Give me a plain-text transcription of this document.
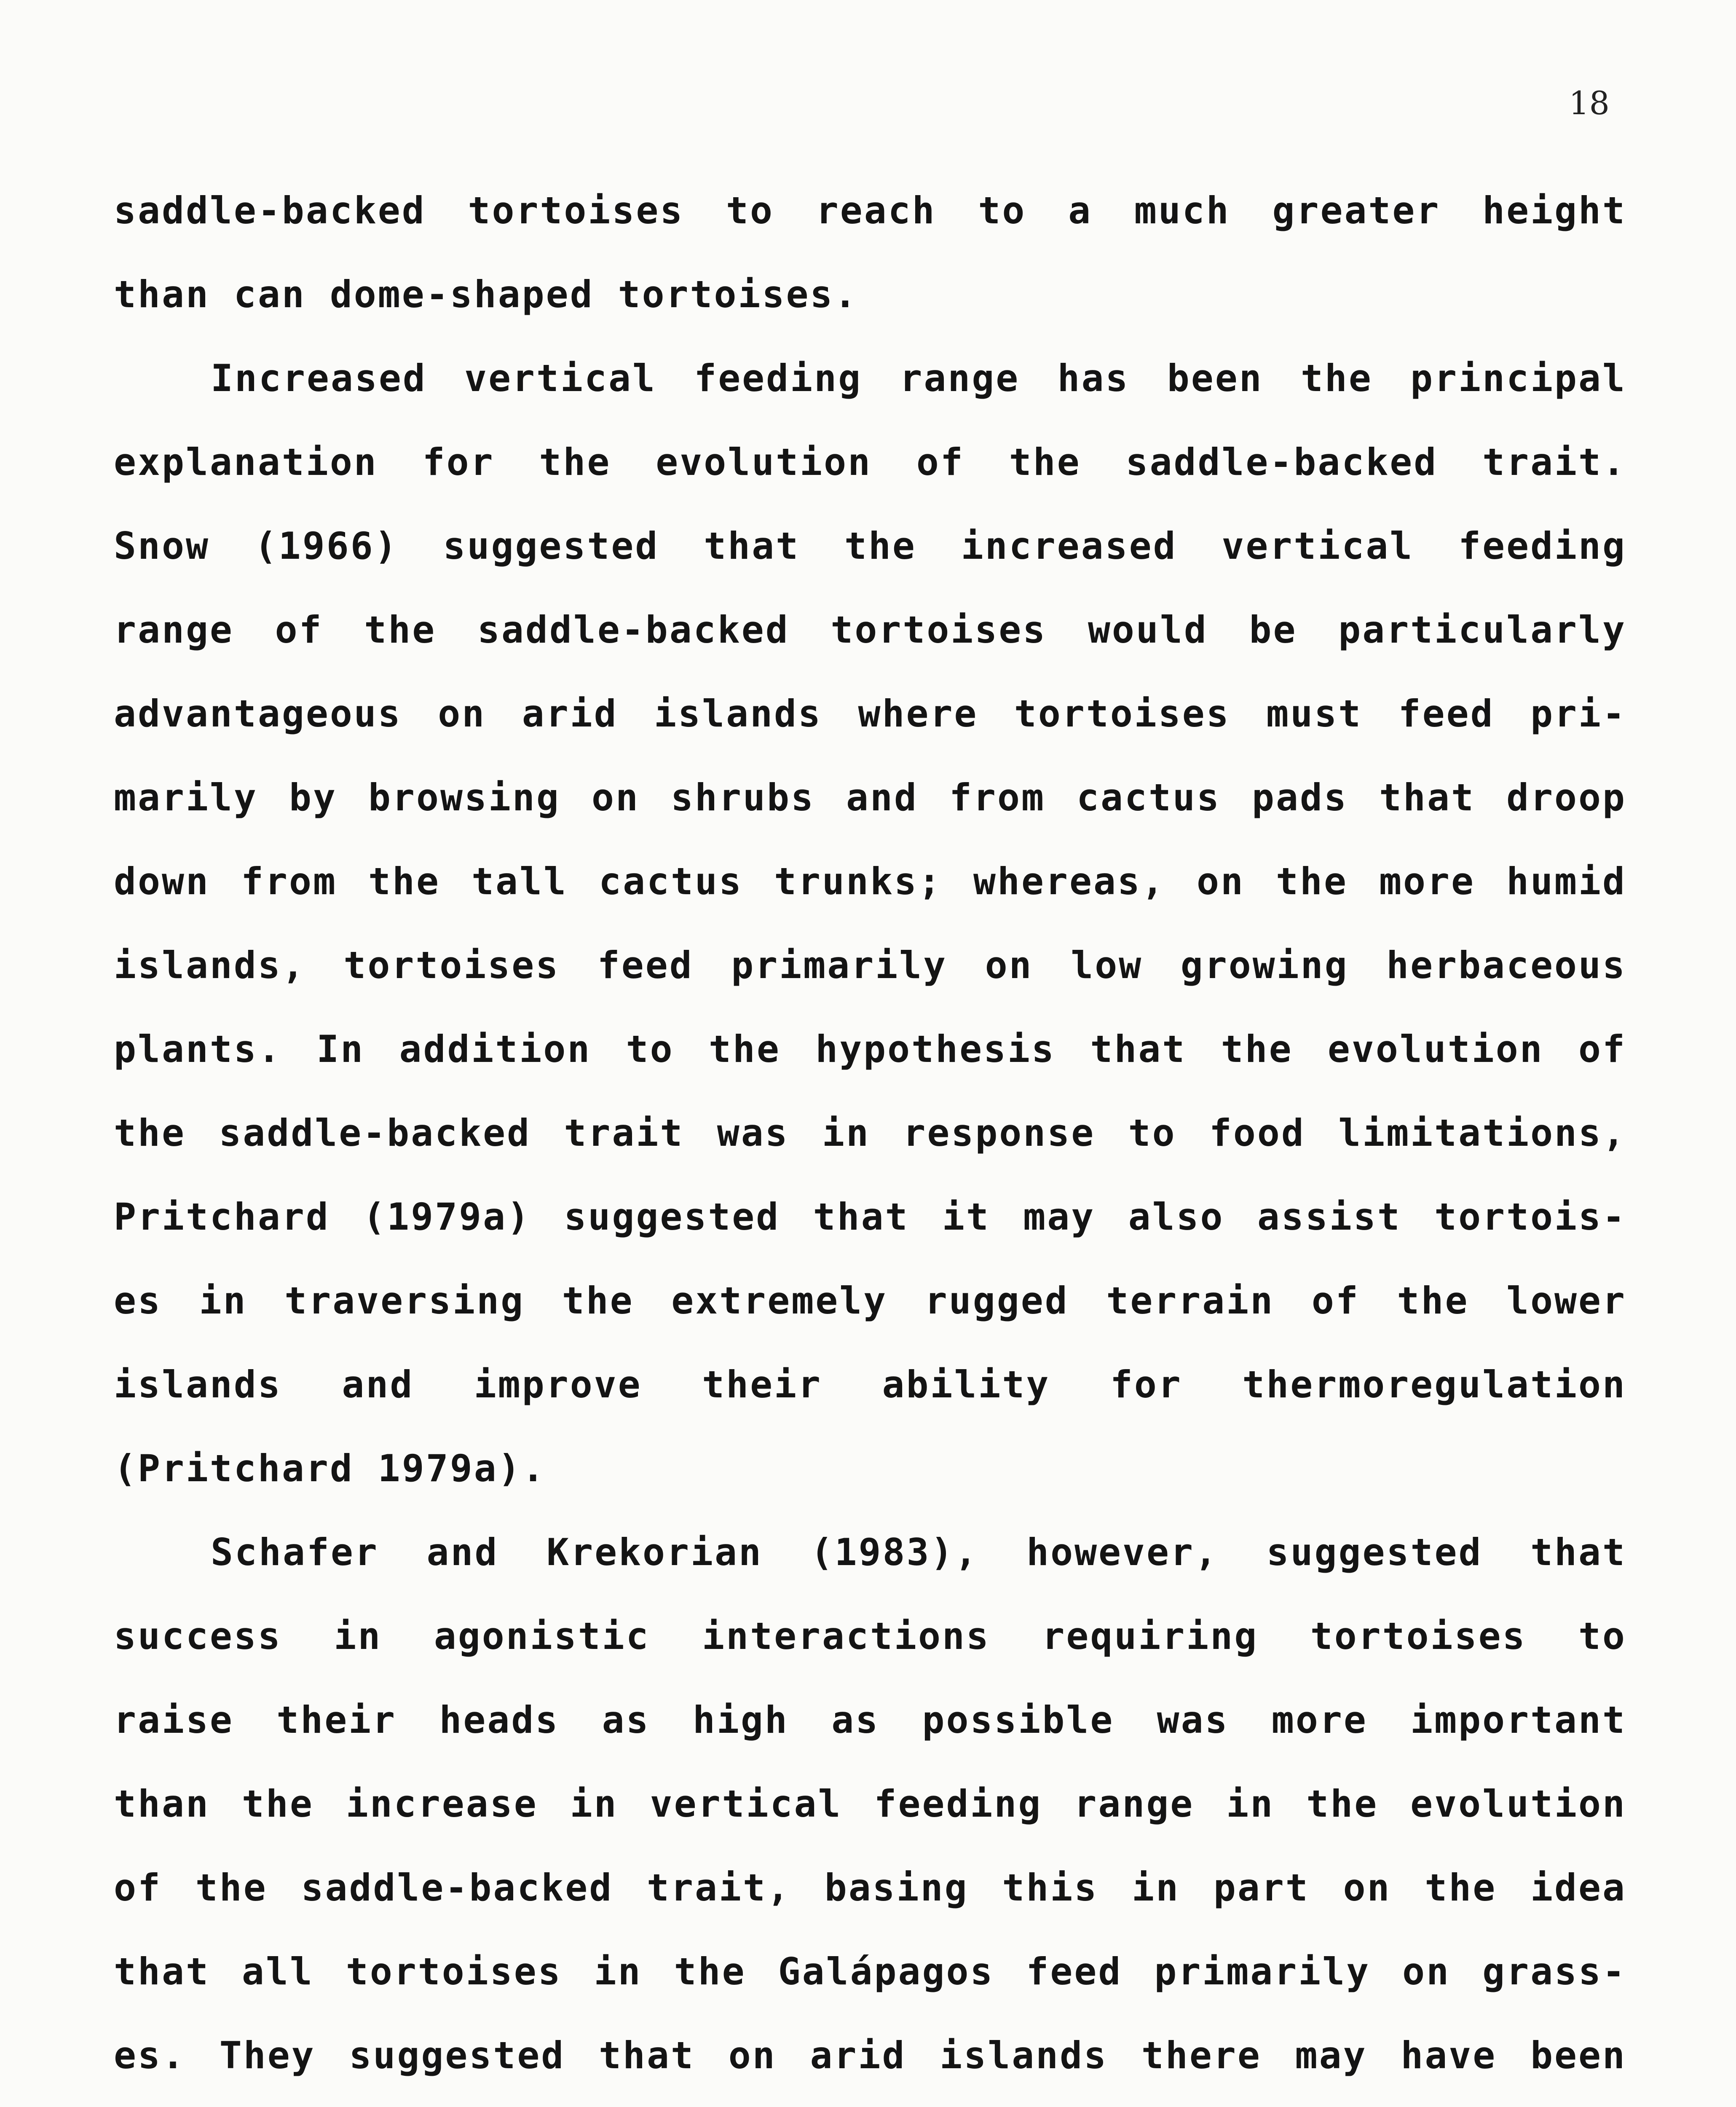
18
saddle-backed tortoises to reach to a much greater height
than can dome-shaped tortoises.
Increased vertical feeding range has been the principal
explanation for the evolution of the saddle-backed trait.
Snow (1966) suggested that the increased vertical feeding
range of the saddle-backed tortoises would be particularly
advantageous on arid islands where tortoises must feed pri-
marily by browsing on shrubs and from cactus pads that droop
down from the tall cactus trunks; whereas, on the more humid
islands, tortoises feed primarily on low growing herbaceous
plants. In addition to the hypothesis that the evolution of
the saddle-backed trait was in response to food limitations,
Pritchard (1979a) suggested that it may also assist tortois-
es in traversing the extremely rugged terrain of the lower
islands and improve their ability for thermoregulation
(Pritchard 1979a).
Schafer and Krekorian (1983), however, suggested that
success in agonistic interactions requiring tortoises to
raise their heads as high as possible was more important
than the increase in vertical feeding range in the evolution
of the saddle-backed trait, basing this in part on the idea
that all tortoises in the Galápagos feed primarily on grass-
es. They suggested that on arid islands there may have been
